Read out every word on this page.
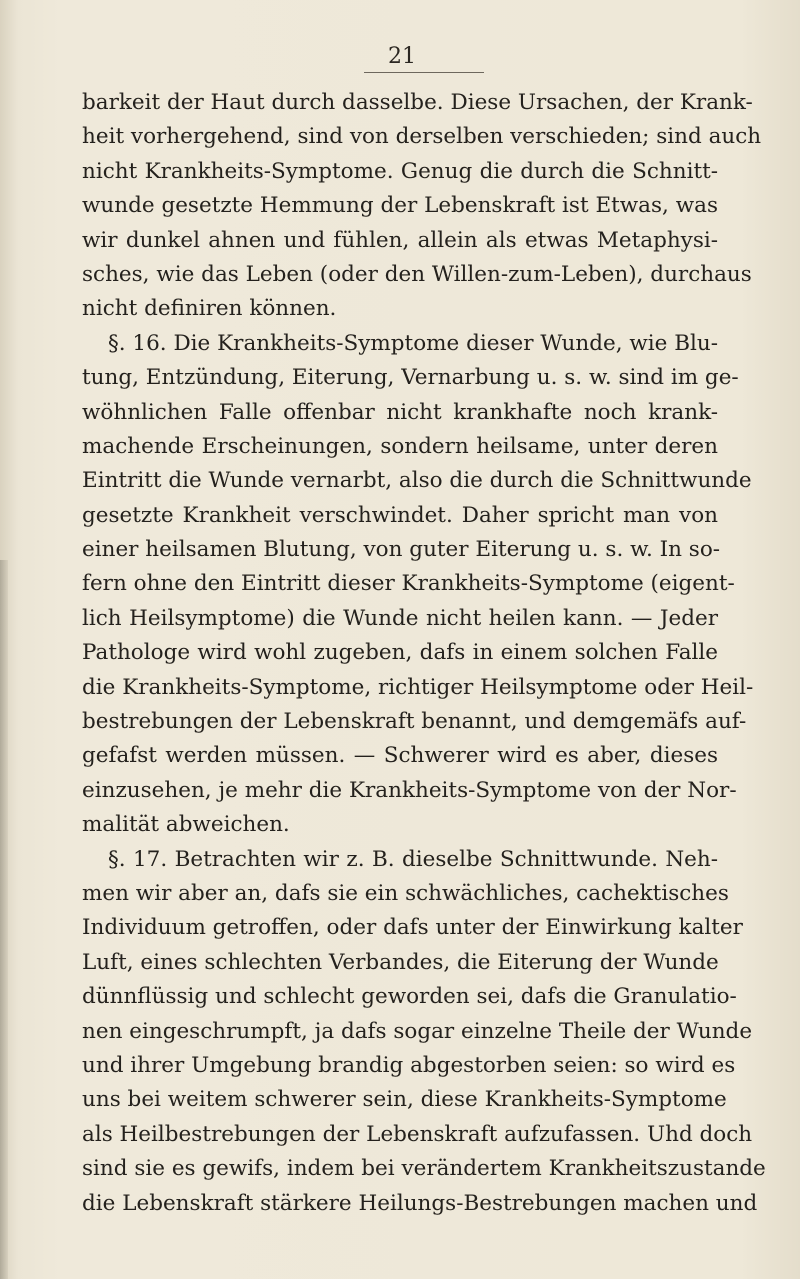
21
barkeit der Haut durch dasselbe. Diese Ursachen, der Krank-
heit vorhergehend, sind von derselben verschieden; sind auch
nicht Krankheits-Symptome. Genug die durch die Schnitt-
wunde gesetzte Hemmung der Lebenskraft ist Etwas, was
wir dunkel ahnen und fühlen, allein als etwas Metaphysi-
sches, wie das Leben (oder den Willen-zum-Leben), durchaus
nicht definiren können.
§. 16. Die Krankheits-Symptome dieser Wunde, wie Blu-
tung, Entzündung, Eiterung, Vernarbung u. s. w. sind im ge-
wöhnlichen Falle offenbar nicht krankhafte noch krank-
machende Erscheinungen, sondern heilsame, unter deren
Eintritt die Wunde vernarbt, also die durch die Schnittwunde
gesetzte Krankheit verschwindet. Daher spricht man von
einer heilsamen Blutung, von guter Eiterung u. s. w. In so-
fern ohne den Eintritt dieser Krankheits-Symptome (eigent-
lich Heilsymptome) die Wunde nicht heilen kann. — Jeder
Pathologe wird wohl zugeben, dafs in einem solchen Falle
die Krankheits-Symptome, richtiger Heilsymptome oder Heil-
bestrebungen der Lebenskraft benannt, und demgemäfs auf-
gefafst werden müssen. — Schwerer wird es aber, dieses
einzusehen, je mehr die Krankheits-Symptome von der Nor-
malität abweichen.
§. 17. Betrachten wir z. B. dieselbe Schnittwunde. Neh-
men wir aber an, dafs sie ein schwächliches, cachektisches
Individuum getroffen, oder dafs unter der Einwirkung kalter
Luft, eines schlechten Verbandes, die Eiterung der Wunde
dünnflüssig und schlecht geworden sei, dafs die Granulatio-
nen eingeschrumpft, ja dafs sogar einzelne Theile der Wunde
und ihrer Umgebung brandig abgestorben seien: so wird es
uns bei weitem schwerer sein, diese Krankheits-Symptome
als Heilbestrebungen der Lebenskraft aufzufassen. Uhd doch
sind sie es gewifs, indem bei verändertem Krankheitszustande
die Lebenskraft stärkere Heilungs-Bestrebungen machen und
